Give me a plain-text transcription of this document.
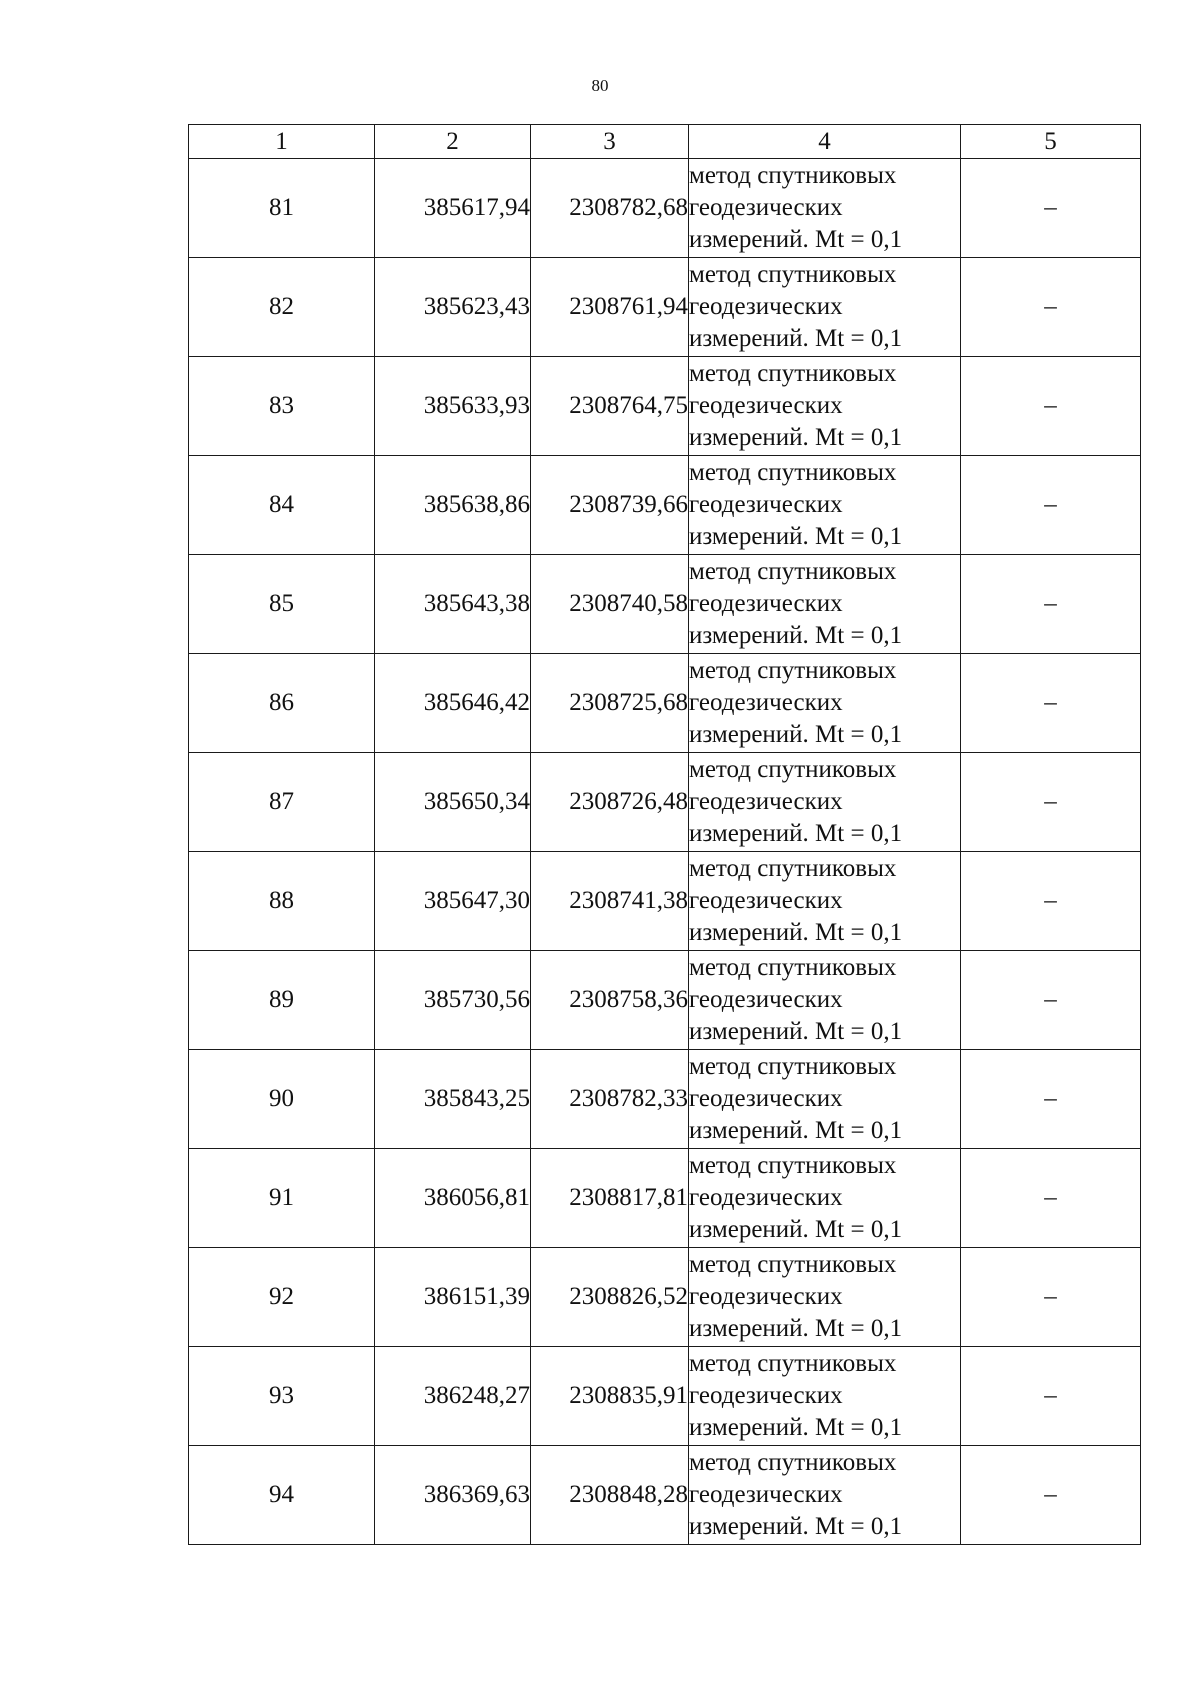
80
1	2	3	4	5
81	385617,94	2308782,68	метод спутниковых
геодезических
измерений. Mt = 0,1	–
82	385623,43	2308761,94	метод спутниковых
геодезических
измерений. Mt = 0,1	–
83	385633,93	2308764,75	метод спутниковых
геодезических
измерений. Mt = 0,1	–
84	385638,86	2308739,66	метод спутниковых
геодезических
измерений. Mt = 0,1	–
85	385643,38	2308740,58	метод спутниковых
геодезических
измерений. Mt = 0,1	–
86	385646,42	2308725,68	метод спутниковых
геодезических
измерений. Mt = 0,1	–
87	385650,34	2308726,48	метод спутниковых
геодезических
измерений. Mt = 0,1	–
88	385647,30	2308741,38	метод спутниковых
геодезических
измерений. Mt = 0,1	–
89	385730,56	2308758,36	метод спутниковых
геодезических
измерений. Mt = 0,1	–
90	385843,25	2308782,33	метод спутниковых
геодезических
измерений. Mt = 0,1	–
91	386056,81	2308817,81	метод спутниковых
геодезических
измерений. Mt = 0,1	–
92	386151,39	2308826,52	метод спутниковых
геодезических
измерений. Mt = 0,1	–
93	386248,27	2308835,91	метод спутниковых
геодезических
измерений. Mt = 0,1	–
94	386369,63	2308848,28	метод спутниковых
геодезических
измерений. Mt = 0,1	–
